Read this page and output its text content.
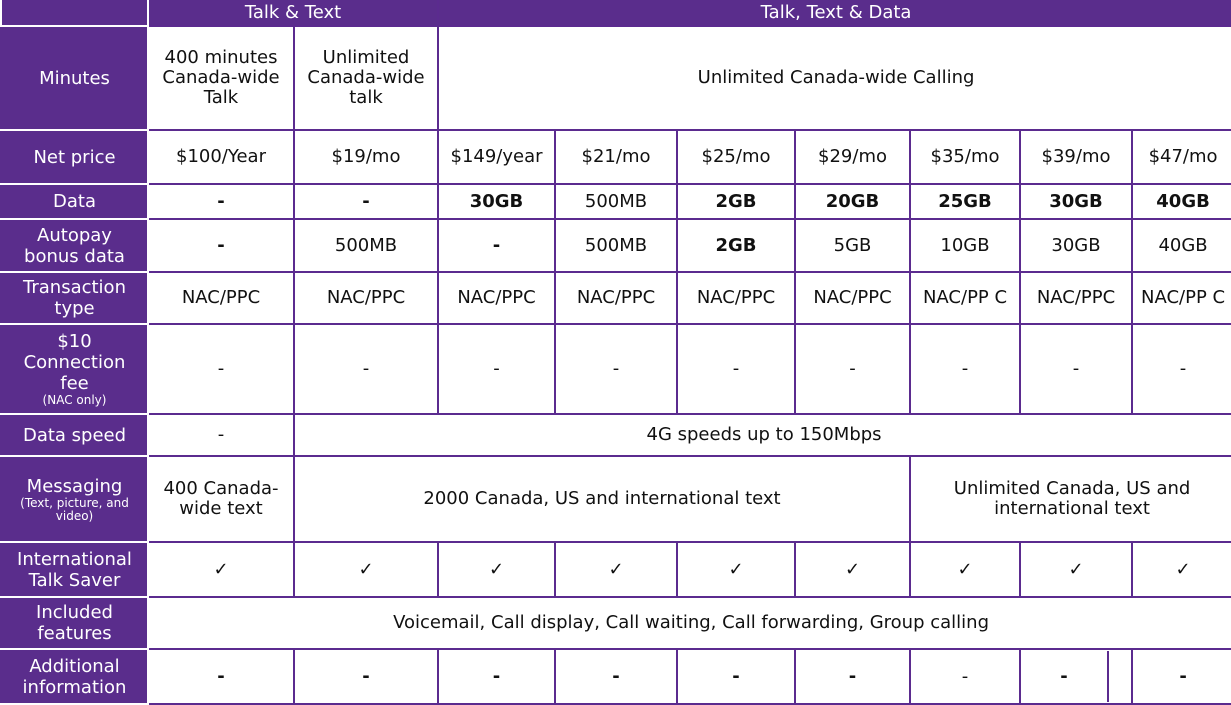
	Talk & Text		Talk, Text & Data						
Minutes	400 minutes Canada-wide Talk	Unlimited Canada-wide talk	Unlimited Canada-wide Calling						
Net price	$100/Year	$19/mo	$149/year	$21/mo	$25/mo	$29/mo	$35/mo	$39/mo	$47/mo
Data	-	-	30GB	500MB	2GB	20GB	25GB	30GB	40GB
Autopay
bonus data	-	500MB	-	500MB	2GB	5GB	10GB	30GB	40GB
Transaction
type	NAC/PPC	NAC/PPC	NAC/PPC	NAC/PPC	NAC/PPC	NAC/PPC	NAC/PP C	NAC/PPC	NAC/PP C
$10
Connection
fee
(NAC only)	-	-	-	-	-	-	-	-	-
Data speed	-	4G speeds up to 150Mbps							
Messaging
(Text, picture, and video)	400 Canada-wide text	2000 Canada, US and international text					Unlimited Canada, US and international text		
International
Talk Saver	✓	✓	✓	✓	✓	✓	✓	✓	✓
Included
features	Voicemail, Call display, Call waiting, Call forwarding, Group calling								
Additional
information	-	-	-	-	-	-	-	-	-
